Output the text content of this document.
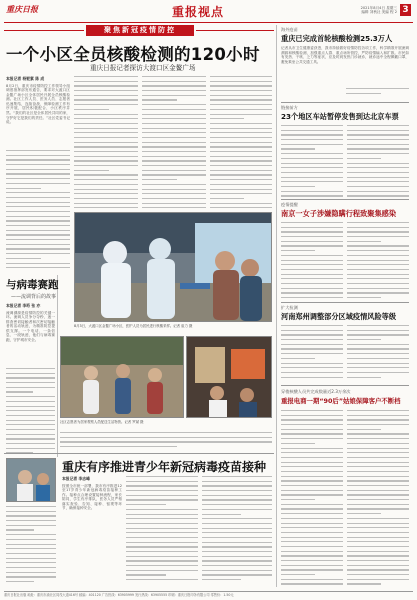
重庆日报	重报视点	2021年8月4日 星期三
编辑 刘秋社 美编 程 2 3
聚焦新冠疫情防控
一个小区全员核酸检测的120小时
重庆日报记者探访大渡口区金鳌广场
本报记者 杨铌紫 陈 成
8月2日，重庆市疫情防控工作领导小组调度指挥部发布通告，要求对大渡口区金鳌广场小区全体居民开展全员核酸检测。社区工作人员、医务人员、志愿者迅速集结，连续奋战，保障检测工作有序开展，居民积极配合，小区秩序井然。“我们的社区是全体居民共同的家，守护好它是我们的责任。”社区党委书记说。
8月3日，大渡口区金鳌广场小区，医护人员为居民进行核酸采样。记者 崔力 摄
社区志愿者为居家观察人员配送生活物资。记者 罗斌 摄
与病毒赛跑
——流调背后的故事
本报记者 李珩 张 亦
流调溯源是疫情防控的关键一环。流调人员争分夺秒，逐一排查密切接触者和次密切接触者的活动轨迹，为精准防控提供支撑。一个电话、一条信息、一段轨迹，他们与病毒赛跑，守护城市安全。
重庆有序推进青少年新冠病毒疫苗接种
本报记者 李志峰
按照全市统一部署，我市有序推进12至17岁青少年新冠病毒疫苗接种工作。接种点合理设置接种流程，家长陪同，学生有序排队，医务人员严格落实查验、告知、接种、留观等环节，确保接种安全。
海外疫苗
重庆已完成首轮核酸检测25.3万人
记者从市卫生健康委获悉，我市持续做好疫情防控各项工作，科学精准开展流调溯源和核酸检测，加强重点人群、重点场所管控，严防疫情输入和扩散。市民如有发热、干咳、乏力等症状，应及时到发热门诊就诊，就诊途中全程佩戴口罩，避免乘坐公共交通工具。
链接前方
23个地区车站暂停发售到达北京车票
疫情提醒
南京一女子涉嫌隐瞒行程致聚集感染
扩大检测
河南郑州调整部分区域疫情风险等级
穿梭核酸人员共完成数量近2.3万余次
重报电商一期“90后”姑娘保障客户不断档
重庆日报社出版 地址：重庆市渝北区同茂大道416号 邮编：401120 广告热线：63905999 发行热线：63905555 印刷：重庆日报印务有限公司 零售价：1.50元
